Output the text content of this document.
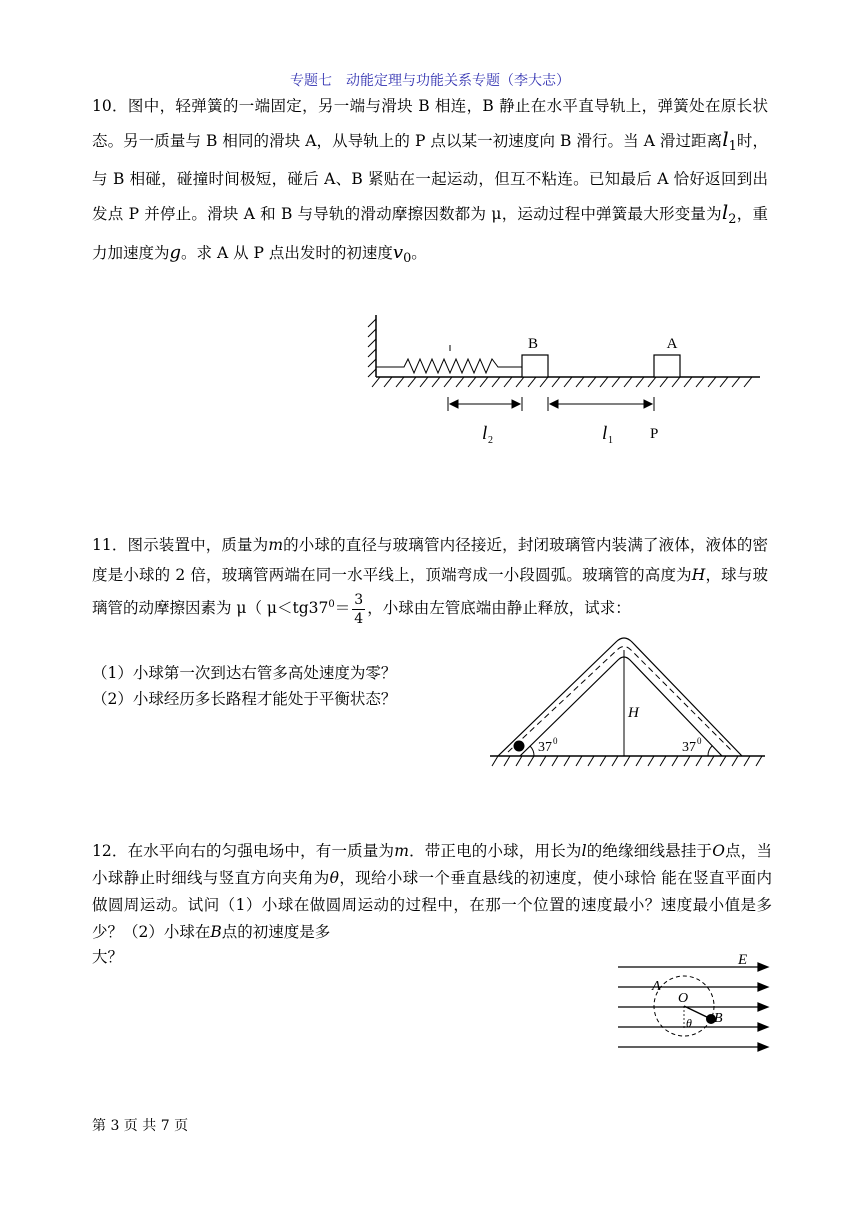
专题七　动能定理与功能关系专题（李大志）
10．图中，轻弹簧的一端固定，另一端与滑块 B 相连，B 静止在水平直导轨上，弹簧处在原长状态。另一质量与 B 相同的滑块 A，从导轨上的 P 点以某一初速度向 B 滑行。当 A 滑过距离$l_1$时，与 B 相碰，碰撞时间极短，碰后 A、B 紧贴在一起运动，但互不粘连。已知最后 A 恰好返回到出发点 P 并停止。滑块 A 和 B 与导轨的滑动摩擦因数都为 μ，运动过程中弹簧最大形变量为$l_2$，重力加速度为g。求 A 从 P 点出发时的初速度$v_0$。
B	A
l 2	l 1 P
11．图示装置中，质量为m的小球的直径与玻璃管内径接近，封闭玻璃管内装满了液体，液体的密度是小球的 2 倍，玻璃管两端在同一水平线上，顶端弯成一小段圆弧。玻璃管的高度为H，球与玻璃管的动摩擦因素为 μ（ $\mu<tg37^0= \frac{3}{4}$ ，小球由左管底端由静止释放，试求：
（1）小球第一次到达右管多高处速度为零？
（2）小球经历多长路程才能处于平衡状态？
H
37 0	37 0
12．在水平向右的匀强电场中，有一质量为m．带正电的小球，用长为l的绝缘细线悬挂于O点，当小球静止时细线与竖直方向夹角为θ，现给小球一个垂直悬线的初速度，使小球恰 能在竖直平面内做圆周运动。试问（1）小球在做圆周运动的过程中，在那一个位置的速度最小？速度最小值是多少？（2）小球在B点的初速度是多
大？	E
A
O
B
θ
第 3 页 共 7 页
